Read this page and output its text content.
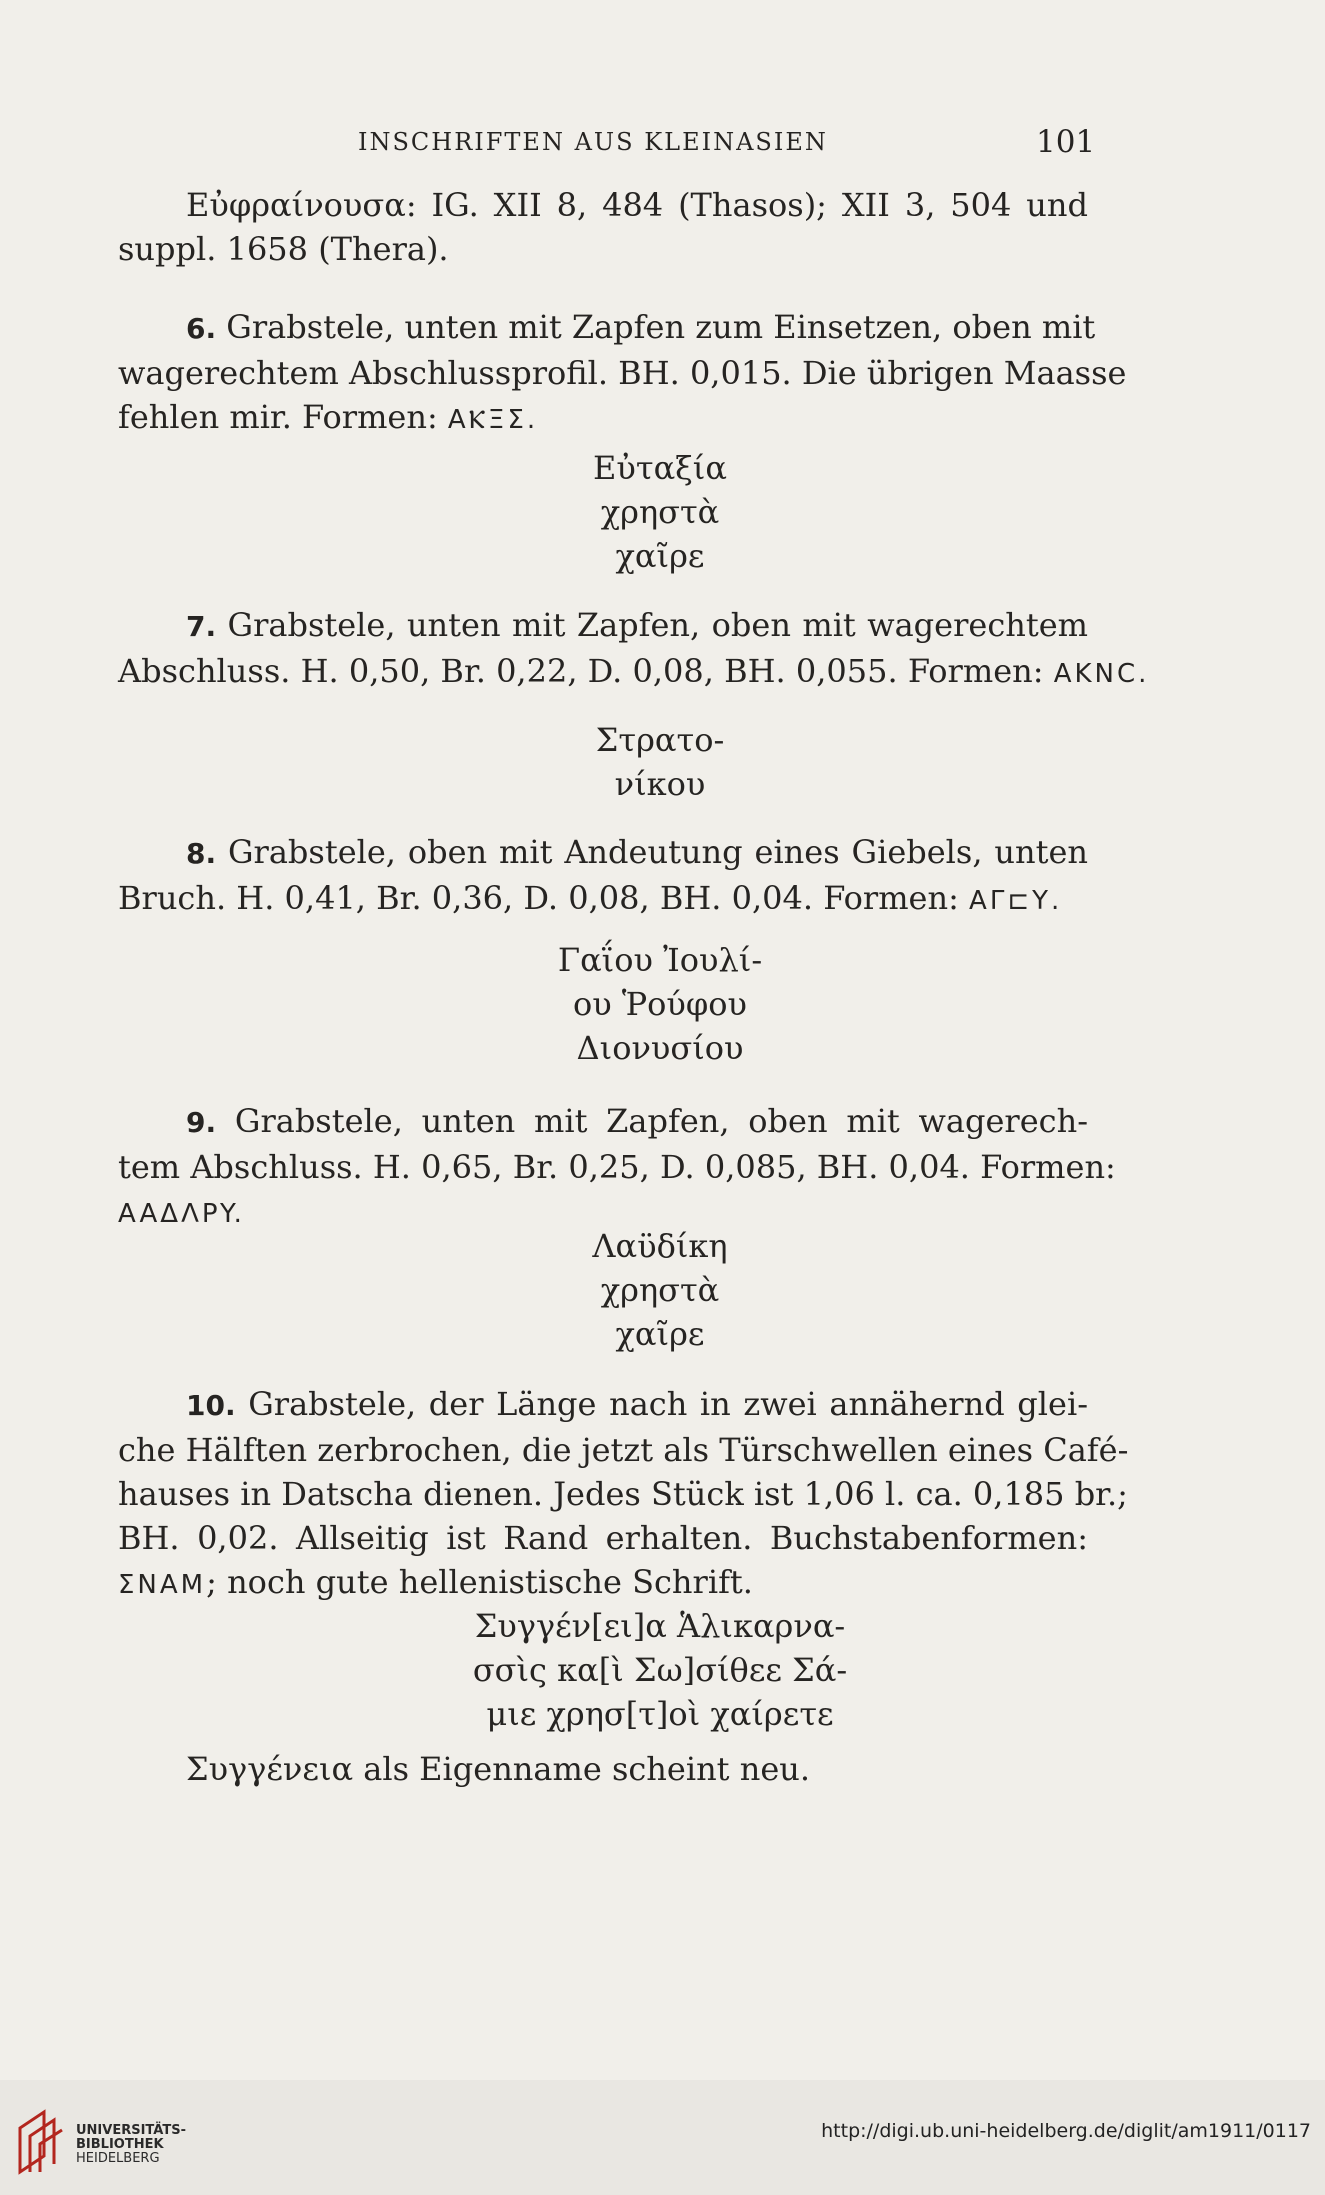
INSCHRIFTEN AUS KLEINASIEN	101
Εὐφραίνουσα: IG. XII 8, 484 (Thasos); XII 3, 504 und
suppl. 1658 (Thera).
6. Grabstele, unten mit Zapfen zum Einsetzen, oben mit
wagerechtem Abschlussprofil. BH. 0,015. Die übrigen Maasse
fehlen mir. Formen: AⲔΞΣ.
Εὐταξία
χρηστὰ
χαῖρε
7. Grabstele, unten mit Zapfen, oben mit wagerechtem
Abschluss. H. 0,50, Br. 0,22, D. 0,08, BH. 0,055. Formen: AKNC.
Στρατο-
νίκου
8. Grabstele, oben mit Andeutung eines Giebels, unten
Bruch. H. 0,41, Br. 0,36, D. 0,08, BH. 0,04. Formen: AΓ⊏Υ.
Γαΐου Ἰουλί-
ου Ῥούφου
Διονυσίου
9. Grabstele, unten mit Zapfen, oben mit wagerech-
tem Abschluss. H. 0,65, Br. 0,25, D. 0,085, BH. 0,04. Formen:
AAΔΛPY.
Λαϋδίκη
χρηστὰ
χαῖρε
10. Grabstele, der Länge nach in zwei annähernd glei-
che Hälften zerbrochen, die jetzt als Türschwellen eines Café-
hauses in Datscha dienen. Jedes Stück ist 1,06 l. ca. 0,185 br.;
BH. 0,02. Allseitig ist Rand erhalten. Buchstabenformen:
ΣNAM; noch gute hellenistische Schrift.
Συγγέν[ει]α Ἁλικαρνα-
σσὶς κα[ὶ Σω]σίθεε Σά-
μιε χρησ[τ]οὶ χαίρετε
Συγγένεια als Eigenname scheint neu.
UNIVERSITÄTS-
BIBLIOTHEK
HEIDELBERG
http://digi.ub.uni-heidelberg.de/diglit/am1911/0117
